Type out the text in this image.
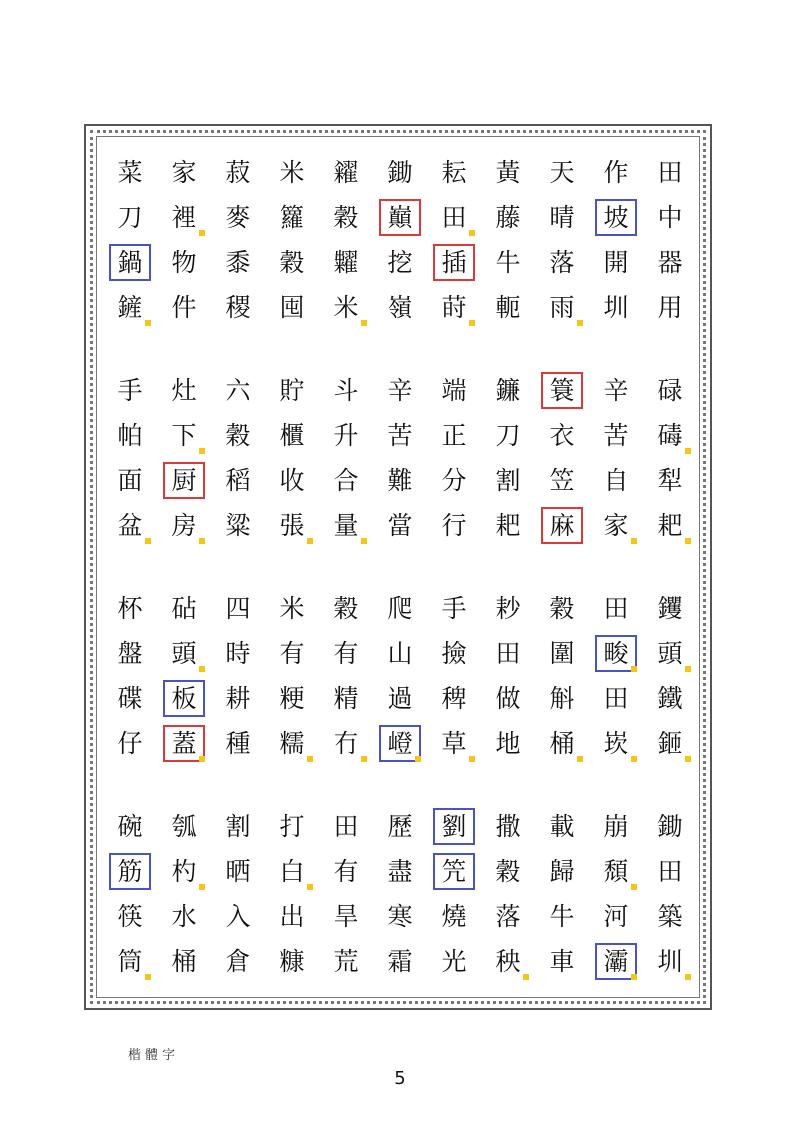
田
中
器
用
作
坡
開
圳
天
晴
落
雨
黃
藤
牛
軛
耘
田
插
莳
鋤
巔
挖
嶺
糴
穀
糶
米
米
籮
穀
囤
菽
麥
黍
稷
家
裡
物
件
菜
刀
鍋
鏟
碌
碡
犁
耙
辛
苦
自
家
簑
衣
笠
麻
鐮
刀
割
耙
端
正
分
行
辛
苦
難
當
斗
升
合
量
貯
櫃
收
張
六
穀
稻
粱
灶
下
厨
房
手
帕
面
盆
钁
頭
鐵
鉔
田
畯
田
崁
穀
圍
斛
桶
耖
田
做
地
手
撿
稗
草
爬
山
過
嶝
穀
有
精
冇
米
有
粳
糯
四
時
耕
種
砧
頭
板
蓋
杯
盤
碟
仔
鋤
田
築
圳
崩
頹
河
灞
載
歸
牛
車
撒
穀
落
秧
劉
笐
燒
光
歷
盡
寒
霜
田
有
旱
荒
打
白
出
糠
割
晒
入
倉
瓠
杓
水
桶
碗
筋
筷
筒
楷體字
5
